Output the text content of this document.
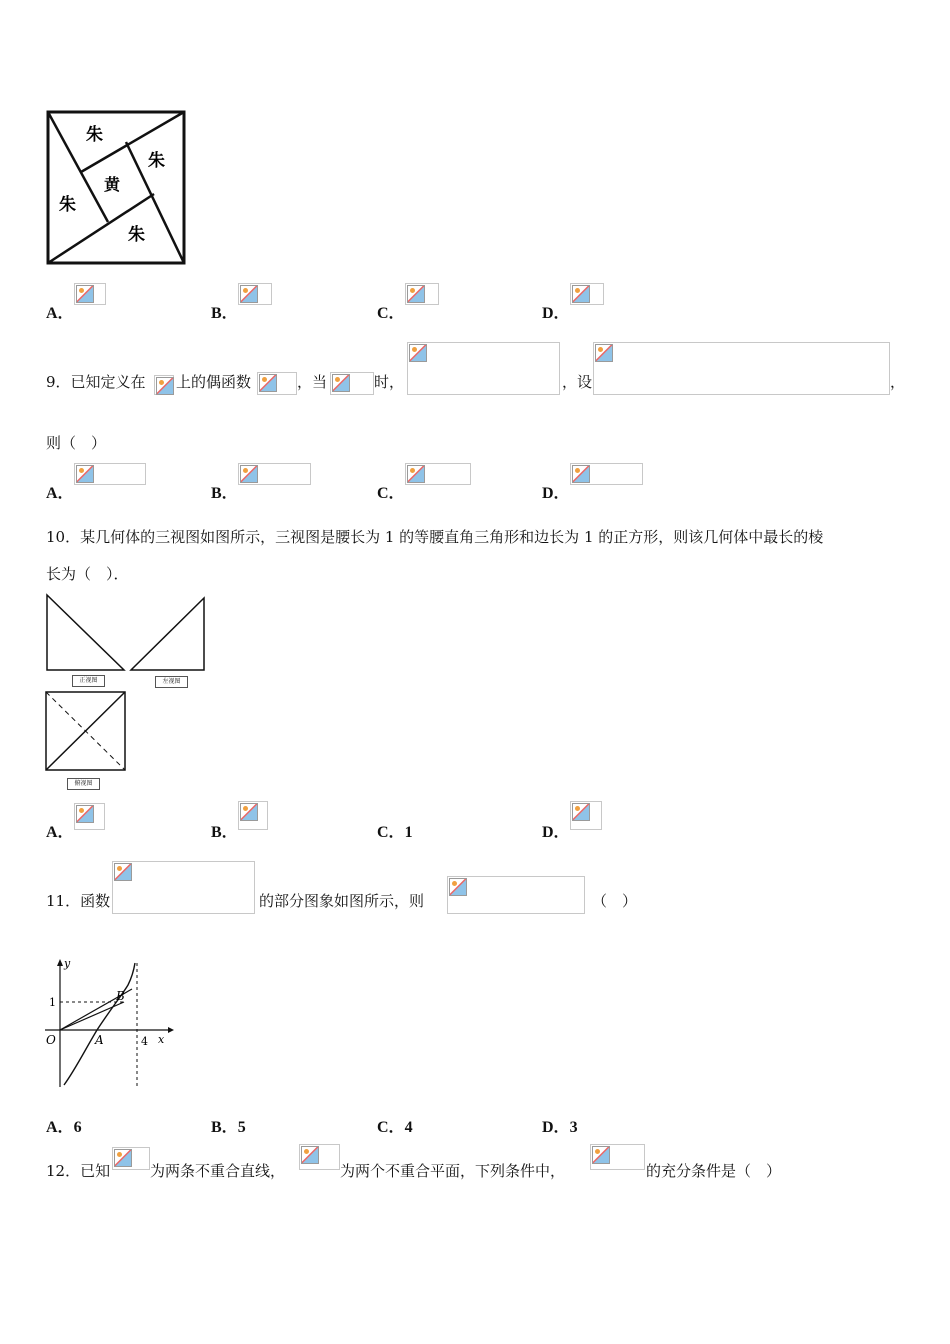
朱
朱
黄
朱
朱
A．	B．	C．	D．
9．已知定义在 上的偶函数	，当	时，	，设	，
则（　）
A．	B．	C．	D．
10．某几何体的三视图如图所示，三视图是腰长为 1 的等腰直角三角形和边长为 1 的正方形，则该几何体中最长的棱
长为（　）．
正视图	左视图
俯视图
A．	B．	C．1	D．
11．函数	的部分图象如图所示，则	（　）
y
x
O
1
4
A
B
A．6	B．5	C．4	D．3
12．已知	为两条不重合直线，	为两个不重合平面，下列条件中，	的充分条件是（　）
